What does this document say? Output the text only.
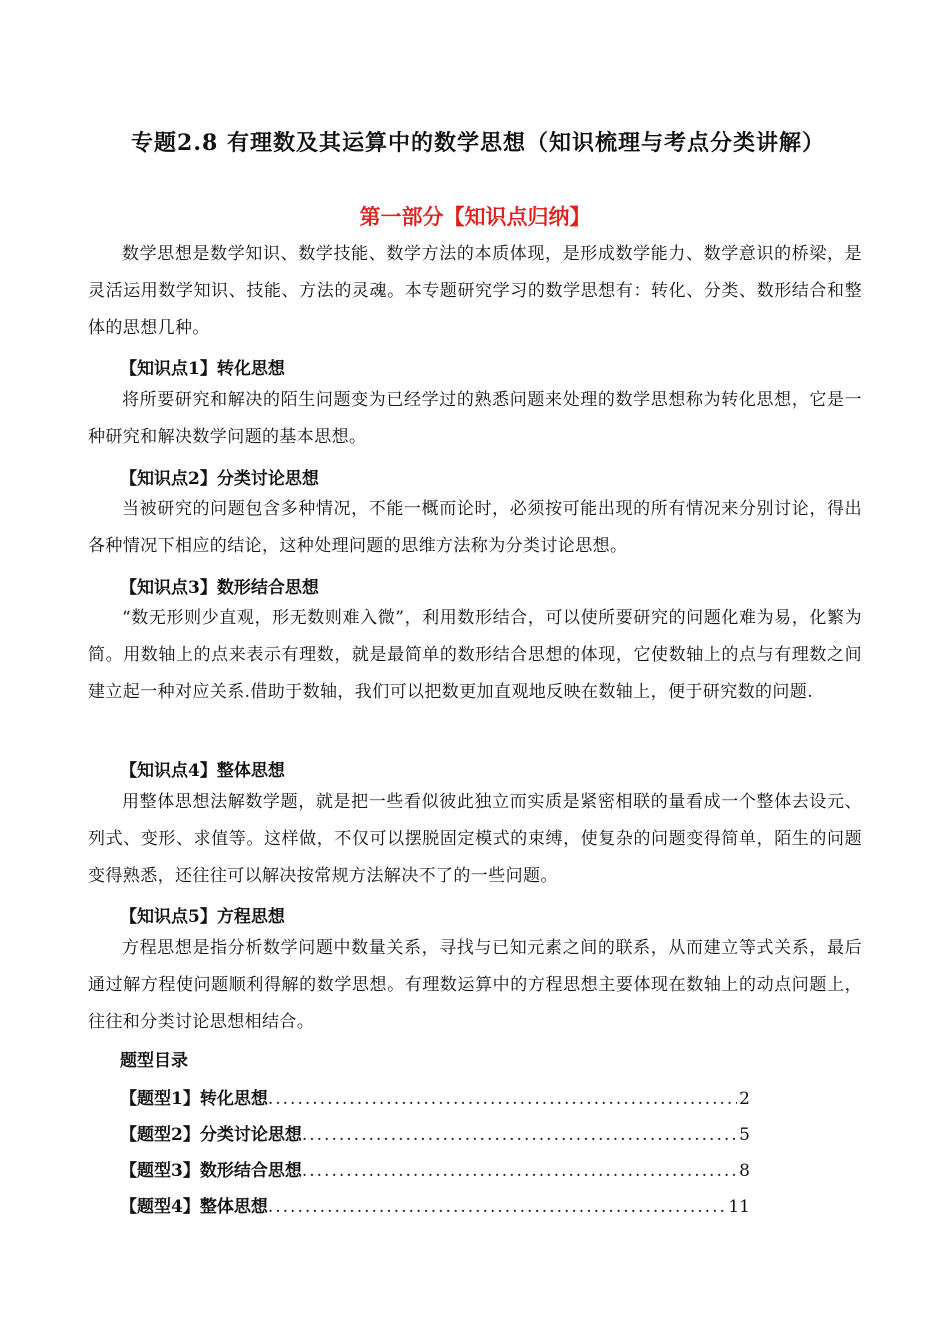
专题2.8 有理数及其运算中的数学思想（知识梳理与考点分类讲解）
第一部分【知识点归纳】
数学思想是数学知识、数学技能、数学方法的本质体现，是形成数学能力、数学意识的桥梁，是灵活运用数学知识、技能、方法的灵魂。本专题研究学习的数学思想有：转化、分类、数形结合和整体的思想几种。
【知识点1】转化思想
将所要研究和解决的陌生问题变为已经学过的熟悉问题来处理的数学思想称为转化思想，它是一种研究和解决数学问题的基本思想。
【知识点2】分类讨论思想
当被研究的问题包含多种情况，不能一概而论时，必须按可能出现的所有情况来分别讨论，得出各种情况下相应的结论，这种处理问题的思维方法称为分类讨论思想。
【知识点3】数形结合思想
“数无形则少直观，形无数则难入微”，利用数形结合，可以使所要研究的问题化难为易，化繁为简。用数轴上的点来表示有理数，就是最简单的数形结合思想的体现，它使数轴上的点与有理数之间建立起一种对应关系.借助于数轴，我们可以把数更加直观地反映在数轴上，便于研究数的问题.
【知识点4】整体思想
用整体思想法解数学题，就是把一些看似彼此独立而实质是紧密相联的量看成一个整体去设元、列式、变形、求值等。这样做，不仅可以摆脱固定模式的束缚，使复杂的问题变得简单，陌生的问题变得熟悉，还往往可以解决按常规方法解决不了的一些问题。
【知识点5】方程思想
方程思想是指分析数学问题中数量关系，寻找与已知元素之间的联系，从而建立等式关系，最后通过解方程使问题顺利得解的数学思想。有理数运算中的方程思想主要体现在数轴上的动点问题上，往往和分类讨论思想相结合。
题型目录
【题型1】转化思想 .....	2
【题型2】分类讨论思想 .....	5
【题型3】数形结合思想 .....	8
【题型4】整体思想 .....	11
